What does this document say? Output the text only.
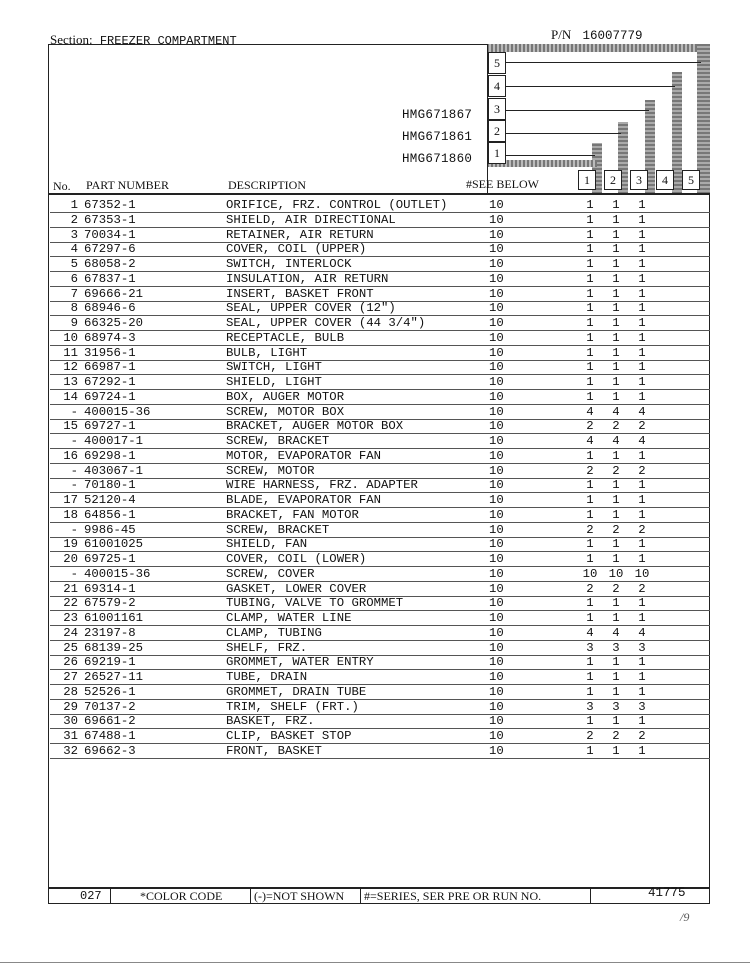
Section: FREEZER COMPARTMENT	P/N 16007779
5
4
3
2
1
HMG671867
HMG671861
HMG671860
No. PART NUMBER	DESCRIPTION	#SEE BELOW	1	2	3	4	5
1 67352-1	ORIFICE, FRZ. CONTROL (OUTLET)	10	1	1	1
2 67353-1	SHIELD, AIR DIRECTIONAL	10	1	1	1
3 70034-1	RETAINER, AIR RETURN	10	1	1	1
4 67297-6	COVER, COIL (UPPER)	10	1	1	1
5 68058-2	SWITCH, INTERLOCK	10	1	1	1
6 67837-1	INSULATION, AIR RETURN	10	1	1	1
7 69666-21	INSERT, BASKET FRONT	10	1	1	1
8 68946-6	SEAL, UPPER COVER (12")	10	1	1	1
9 66325-20	SEAL, UPPER COVER (44 3/4")	10	1	1	1
10 68974-3	RECEPTACLE, BULB	10	1	1	1
11 31956-1	BULB, LIGHT	10	1	1	1
12 66987-1	SWITCH, LIGHT	10	1	1	1
13 67292-1	SHIELD, LIGHT	10	1	1	1
14 69724-1	BOX, AUGER MOTOR	10	1	1	1
- 400015-36	SCREW, MOTOR BOX	10	4	4	4
15 69727-1	BRACKET, AUGER MOTOR BOX	10	2	2	2
- 400017-1	SCREW, BRACKET	10	4	4	4
16 69298-1	MOTOR, EVAPORATOR FAN	10	1	1	1
- 403067-1	SCREW, MOTOR	10	2	2	2
- 70180-1	WIRE HARNESS, FRZ. ADAPTER	10	1	1	1
17 52120-4	BLADE, EVAPORATOR FAN	10	1	1	1
18 64856-1	BRACKET, FAN MOTOR	10	1	1	1
- 9986-45	SCREW, BRACKET	10	2	2	2
19 61001025	SHIELD, FAN	10	1	1	1
20 69725-1	COVER, COIL (LOWER)	10	1	1	1
- 400015-36	SCREW, COVER	10	10 10 10
21 69314-1	GASKET, LOWER COVER	10	2	2	2
22 67579-2	TUBING, VALVE TO GROMMET	10	1	1	1
23 61001161	CLAMP, WATER LINE	10	1	1	1
24 23197-8	CLAMP, TUBING	10	4	4	4
25 68139-25	SHELF, FRZ.	10	3	3	3
26 69219-1	GROMMET, WATER ENTRY	10	1	1	1
27 26527-11	TUBE, DRAIN	10	1	1	1
28 52526-1	GROMMET, DRAIN TUBE	10	1	1	1
29 70137-2	TRIM, SHELF (FRT.)	10	3	3	3
30 69661-2	BASKET, FRZ.	10	1	1	1
31 67488-1	CLIP, BASKET STOP	10	2	2	2
32 69662-3	FRONT, BASKET	10	1	1	1
027	*COLOR CODE	(-)=NOT SHOWN #=SERIES, SER PRE OR RUN NO.	41775
/9
